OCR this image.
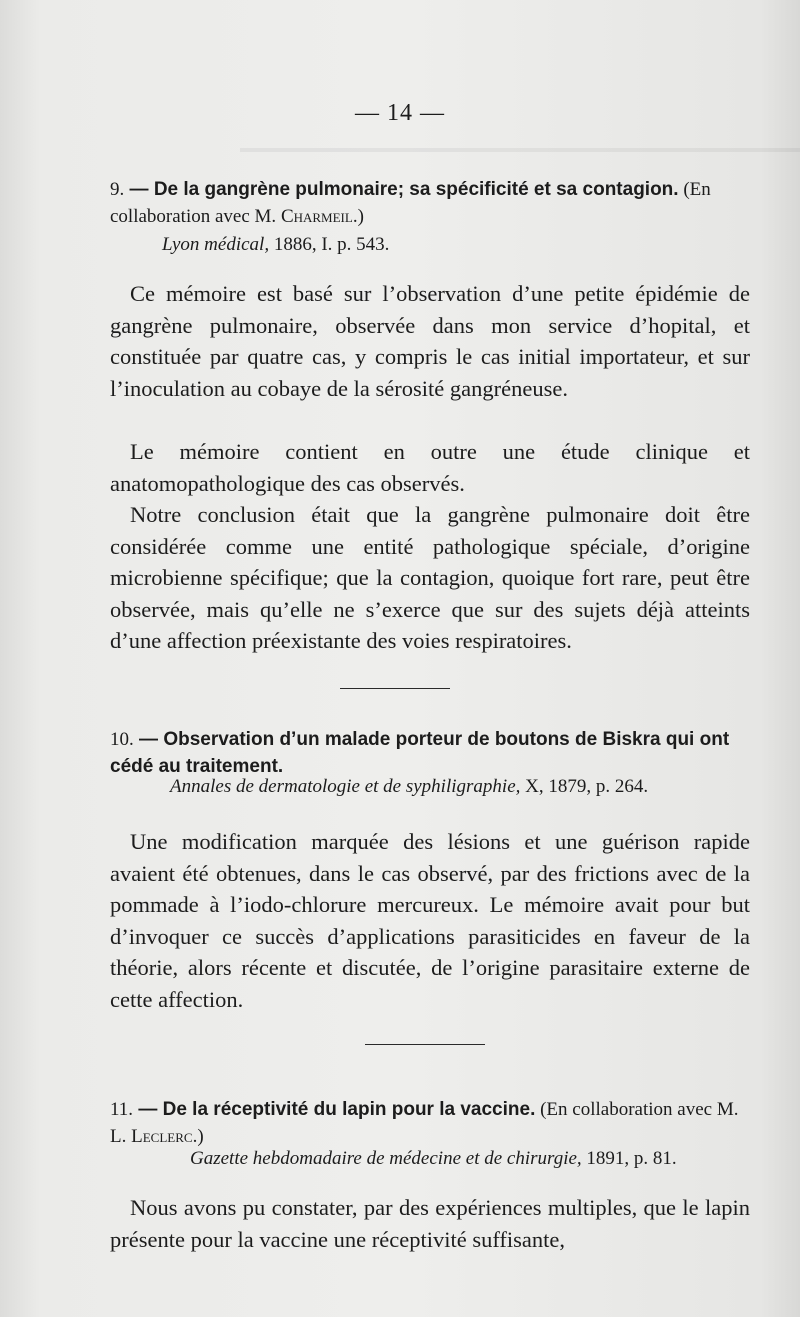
— 14 —
9. — De la gangrène pulmonaire; sa spécificité et sa contagion. (En collaboration avec M. Charmeil.)
Lyon médical, 1886, I. p. 543.

Ce mémoire est basé sur l’observation d’une petite épidémie de gangrène pulmonaire, observée dans mon service d’hopital, et constituée par quatre cas, y compris le cas initial importateur, et sur l’inoculation au cobaye de la sérosité gangréneuse.

Le mémoire contient en outre une étude clinique et anatomopathologique des cas observés.

Notre conclusion était que la gangrène pulmonaire doit être considérée comme une entité pathologique spéciale, d’origine microbienne spécifique; que la contagion, quoique fort rare, peut être observée, mais qu’elle ne s’exerce que sur des sujets déjà atteints d’une affection préexistante des voies respiratoires.

10. — Observation d’un malade porteur de boutons de Biskra qui ont cédé au traitement.
Annales de dermatologie et de syphiligraphie, X, 1879, p. 264.

Une modification marquée des lésions et une guérison rapide avaient été obtenues, dans le cas observé, par des frictions avec de la pommade à l’iodo-chlorure mercureux. Le mémoire avait pour but d’invoquer ce succès d’applications parasiticides en faveur de la théorie, alors récente et discutée, de l’origine parasitaire externe de cette affection.

11. — De la réceptivité du lapin pour la vaccine. (En collaboration avec M. L. Leclerc.)
Gazette hebdomadaire de médecine et de chirurgie, 1891, p. 81.

Nous avons pu constater, par des expériences multiples, que le lapin présente pour la vaccine une réceptivité suffisante,
